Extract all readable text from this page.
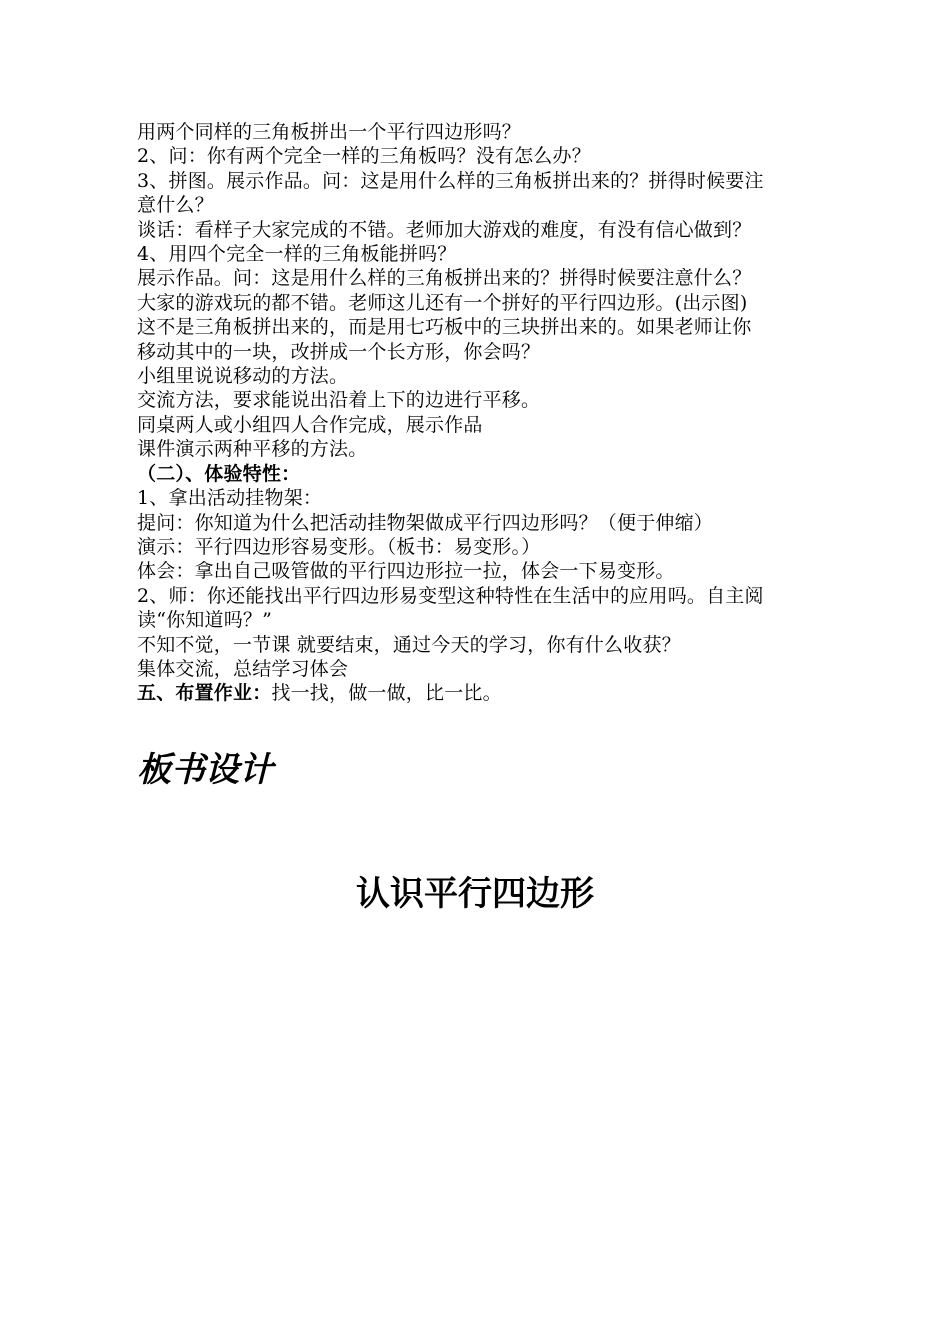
用两个同样的三角板拼出一个平行四边形吗？
2、问：你有两个完全一样的三角板吗？没有怎么办？
3、拼图。展示作品。问：这是用什么样的三角板拼出来的？拼得时候要注
意什么？
谈话：看样子大家完成的不错。老师加大游戏的难度，有没有信心做到？
4、用四个完全一样的三角板能拼吗？
展示作品。问：这是用什么样的三角板拼出来的？拼得时候要注意什么？
大家的游戏玩的都不错。老师这儿还有一个拼好的平行四边形。(出示图)
这不是三角板拼出来的，而是用七巧板中的三块拼出来的。如果老师让你
移动其中的一块，改拼成一个长方形，你会吗？
小组里说说移动的方法。
交流方法，要求能说出沿着上下的边进行平移。
同桌两人或小组四人合作完成，展示作品
课件演示两种平移的方法。
（二）、体验特性：
1、拿出活动挂物架：
提问：你知道为什么把活动挂物架做成平行四边形吗？（便于伸缩）
演示：平行四边形容易变形。（板书：易变形。）
体会：拿出自己吸管做的平行四边形拉一拉，体会一下易变形。
2、师：你还能找出平行四边形易变型这种特性在生活中的应用吗。自主阅
读“你知道吗？”
不知不觉，一节课 就要结束，通过今天的学习，你有什么收获？
集体交流，总结学习体会
五、布置作业：找一找，做一做，比一比。
板书设计
认识平行四边形
